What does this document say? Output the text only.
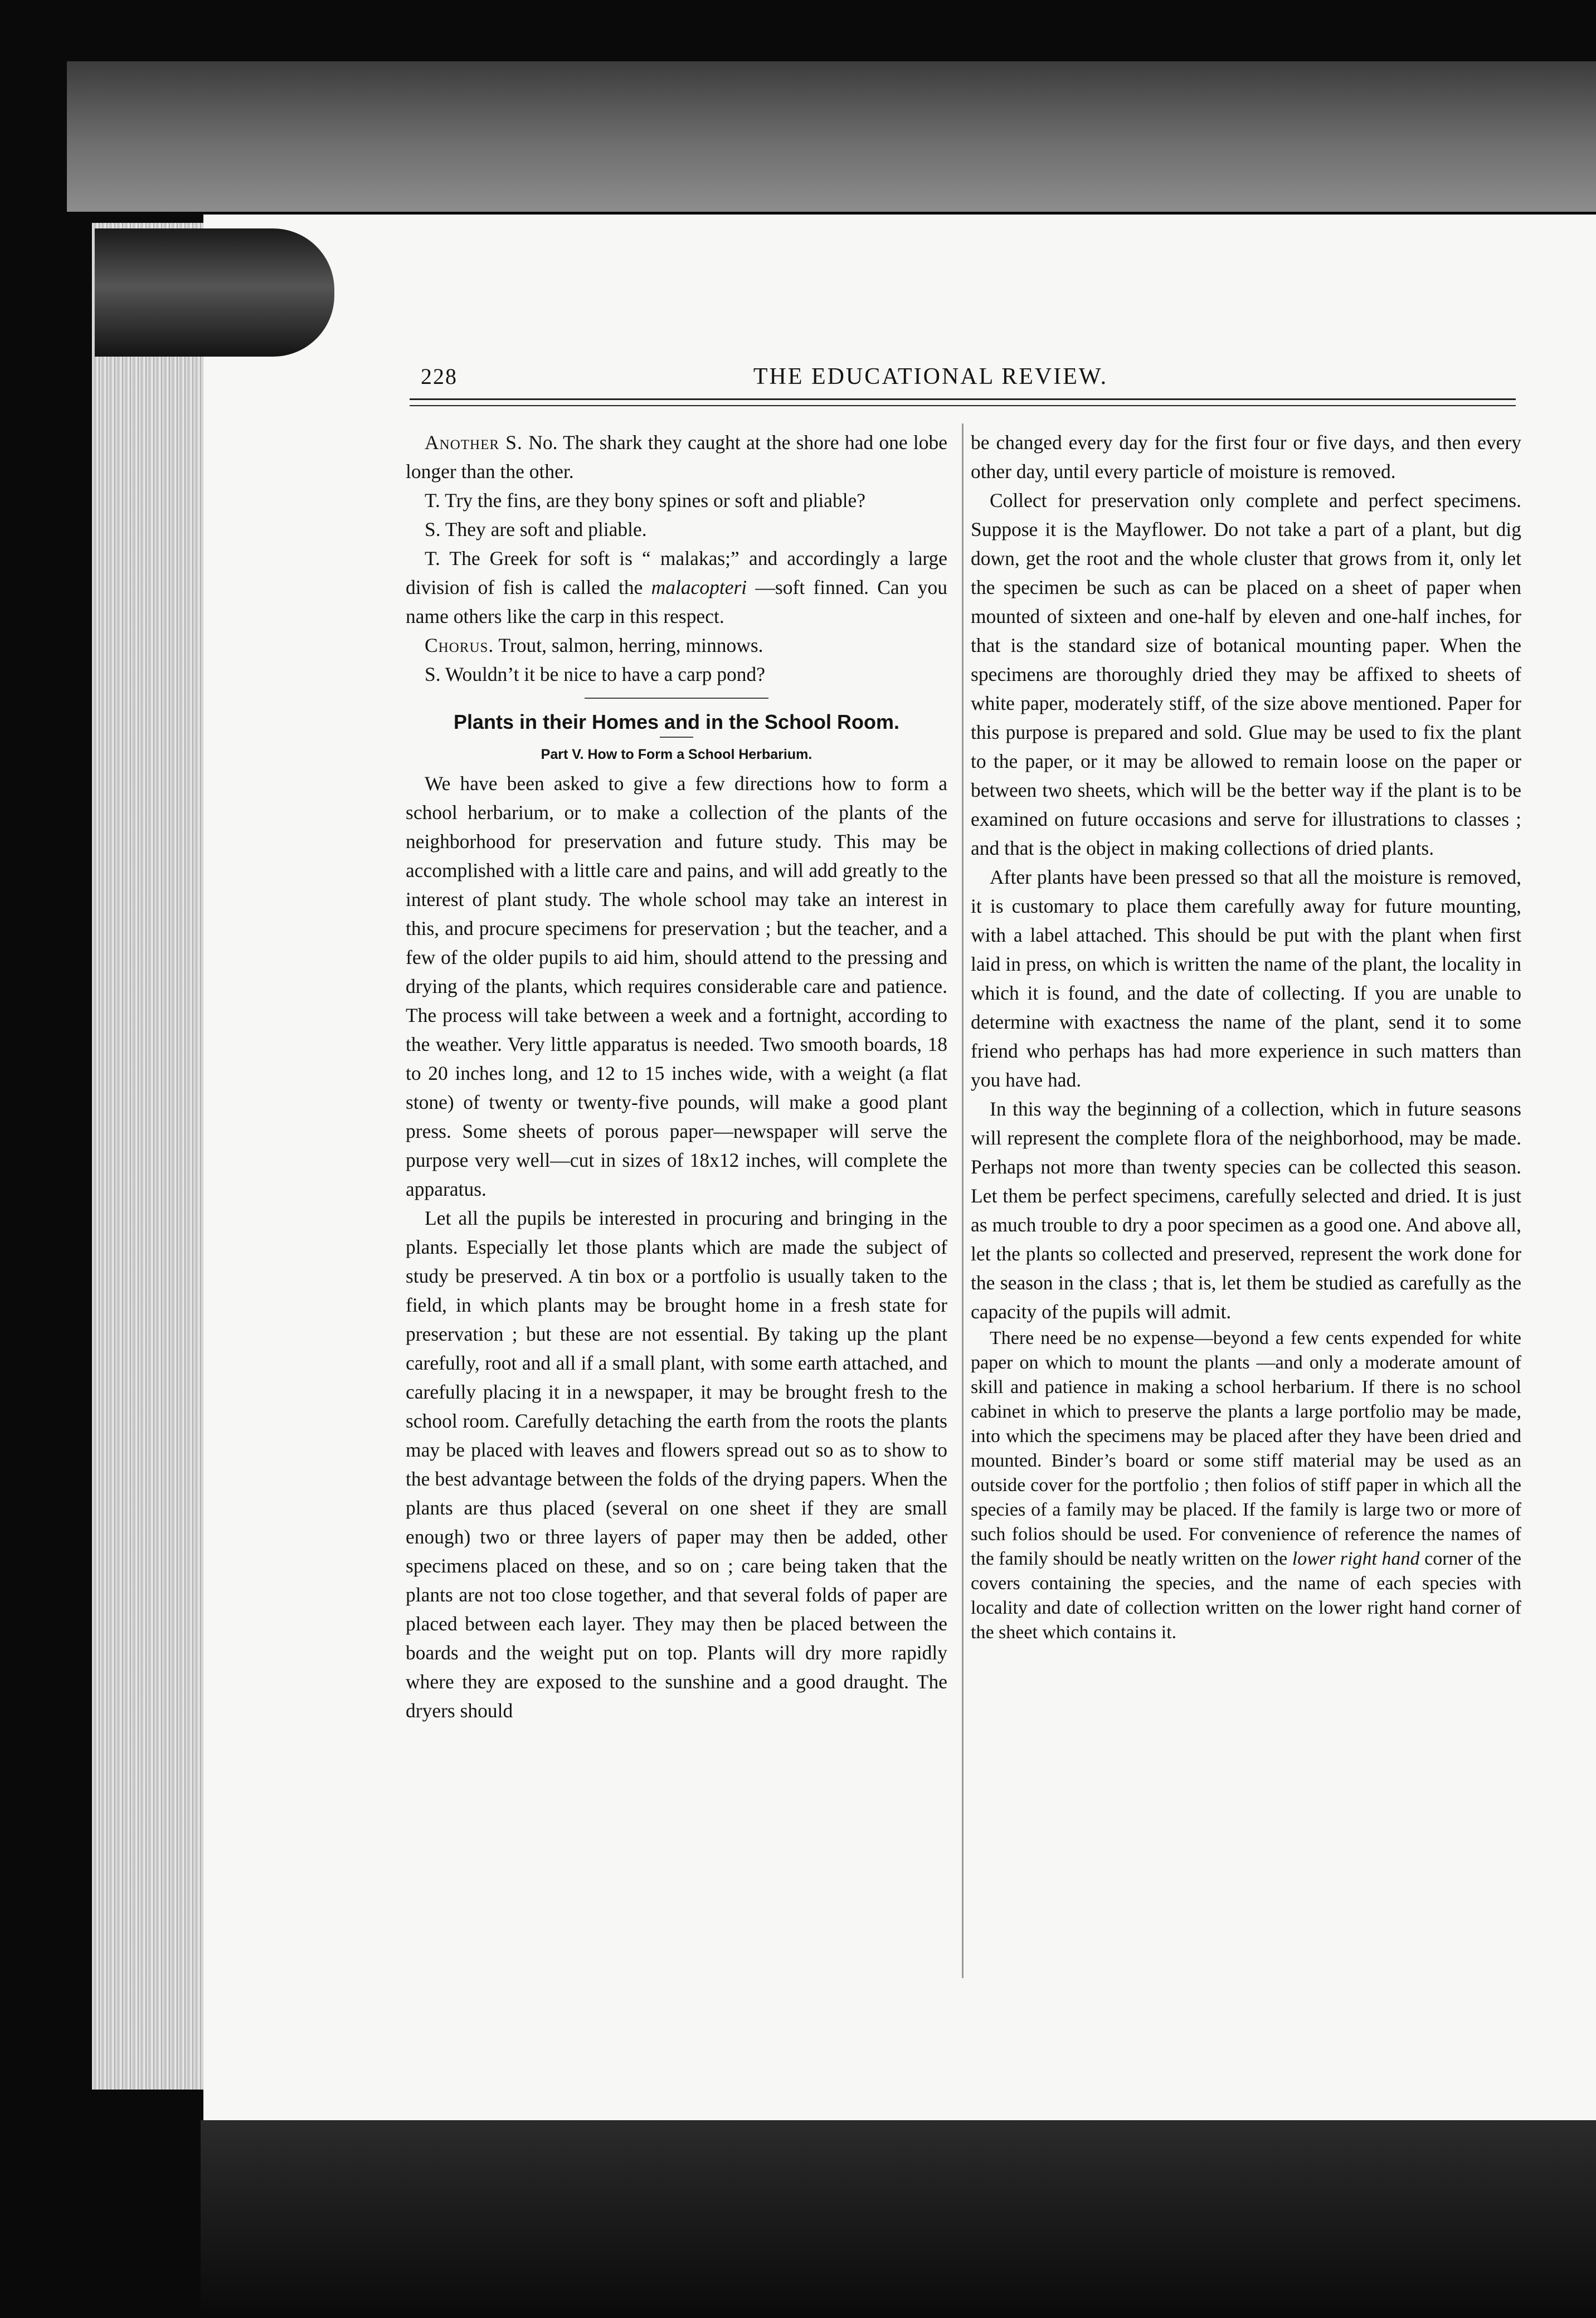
228	THE EDUCATIONAL REVIEW.

Another S. No. The shark they caught at the shore had one lobe longer than the other.

T. Try the fins, are they bony spines or soft and pliable?

S. They are soft and pliable.

T. The Greek for soft is “ malakas;” and accordingly a large division of fish is called the malacopteri —soft finned. Can you name others like the carp in this respect.

Chorus. Trout, salmon, herring, minnows.

S. Wouldn’t it be nice to have a carp pond?

Plants in their Homes and in the School Room.
Part V. How to Form a School Herbarium.

We have been asked to give a few directions how to form a school herbarium, or to make a collection of the plants of the neighborhood for preservation and future study. This may be accomplished with a little care and pains, and will add greatly to the interest of plant study. The whole school may take an interest in this, and procure specimens for preservation ; but the teacher, and a few of the older pupils to aid him, should attend to the pressing and drying of the plants, which requires considerable care and patience. The process will take between a week and a fortnight, according to the weather. Very little apparatus is needed. Two smooth boards, 18 to 20 inches long, and 12 to 15 inches wide, with a weight (a flat stone) of twenty or twenty-five pounds, will make a good plant press. Some sheets of porous paper—newspaper will serve the purpose very well—cut in sizes of 18x12 inches, will complete the apparatus.

Let all the pupils be interested in procuring and bringing in the plants. Especially let those plants which are made the subject of study be preserved. A tin box or a portfolio is usually taken to the field, in which plants may be brought home in a fresh state for preservation ; but these are not essential. By taking up the plant carefully, root and all if a small plant, with some earth attached, and carefully placing it in a newspaper, it may be brought fresh to the school room. Carefully detaching the earth from the roots the plants may be placed with leaves and flowers spread out so as to show to the best advantage between the folds of the drying papers. When the plants are thus placed (several on one sheet if they are small enough) two or three layers of paper may then be added, other specimens placed on these, and so on ; care being taken that the plants are not too close together, and that several folds of paper are placed between each layer. They may then be placed between the boards and the weight put on top. Plants will dry more rapidly where they are exposed to the sunshine and a good draught. The dryers should

be changed every day for the first four or five days, and then every other day, until every particle of moisture is removed.

Collect for preservation only complete and perfect specimens. Suppose it is the Mayflower. Do not take a part of a plant, but dig down, get the root and the whole cluster that grows from it, only let the specimen be such as can be placed on a sheet of paper when mounted of sixteen and one-half by eleven and one-half inches, for that is the standard size of botanical mounting paper. When the specimens are thoroughly dried they may be affixed to sheets of white paper, moderately stiff, of the size above mentioned. Paper for this purpose is prepared and sold. Glue may be used to fix the plant to the paper, or it may be allowed to remain loose on the paper or between two sheets, which will be the better way if the plant is to be examined on future occasions and serve for illustrations to classes ; and that is the object in making collections of dried plants.

After plants have been pressed so that all the moisture is removed, it is customary to place them carefully away for future mounting, with a label attached. This should be put with the plant when first laid in press, on which is written the name of the plant, the locality in which it is found, and the date of collecting. If you are unable to determine with exactness the name of the plant, send it to some friend who perhaps has had more experience in such matters than you have had.

In this way the beginning of a collection, which in future seasons will represent the complete flora of the neighborhood, may be made. Perhaps not more than twenty species can be collected this season. Let them be perfect specimens, carefully selected and dried. It is just as much trouble to dry a poor specimen as a good one. And above all, let the plants so collected and preserved, represent the work done for the season in the class ; that is, let them be studied as carefully as the capacity of the pupils will admit.

There need be no expense—beyond a few cents expended for white paper on which to mount the plants —and only a moderate amount of skill and patience in making a school herbarium. If there is no school cabinet in which to preserve the plants a large portfolio may be made, into which the specimens may be placed after they have been dried and mounted. Binder’s board or some stiff material may be used as an outside cover for the portfolio ; then folios of stiff paper in which all the species of a family may be placed. If the family is large two or more of such folios should be used. For convenience of reference the names of the family should be neatly written on the lower right hand corner of the covers containing the species, and the name of each species with locality and date of collection written on the lower right hand corner of the sheet which contains it.
